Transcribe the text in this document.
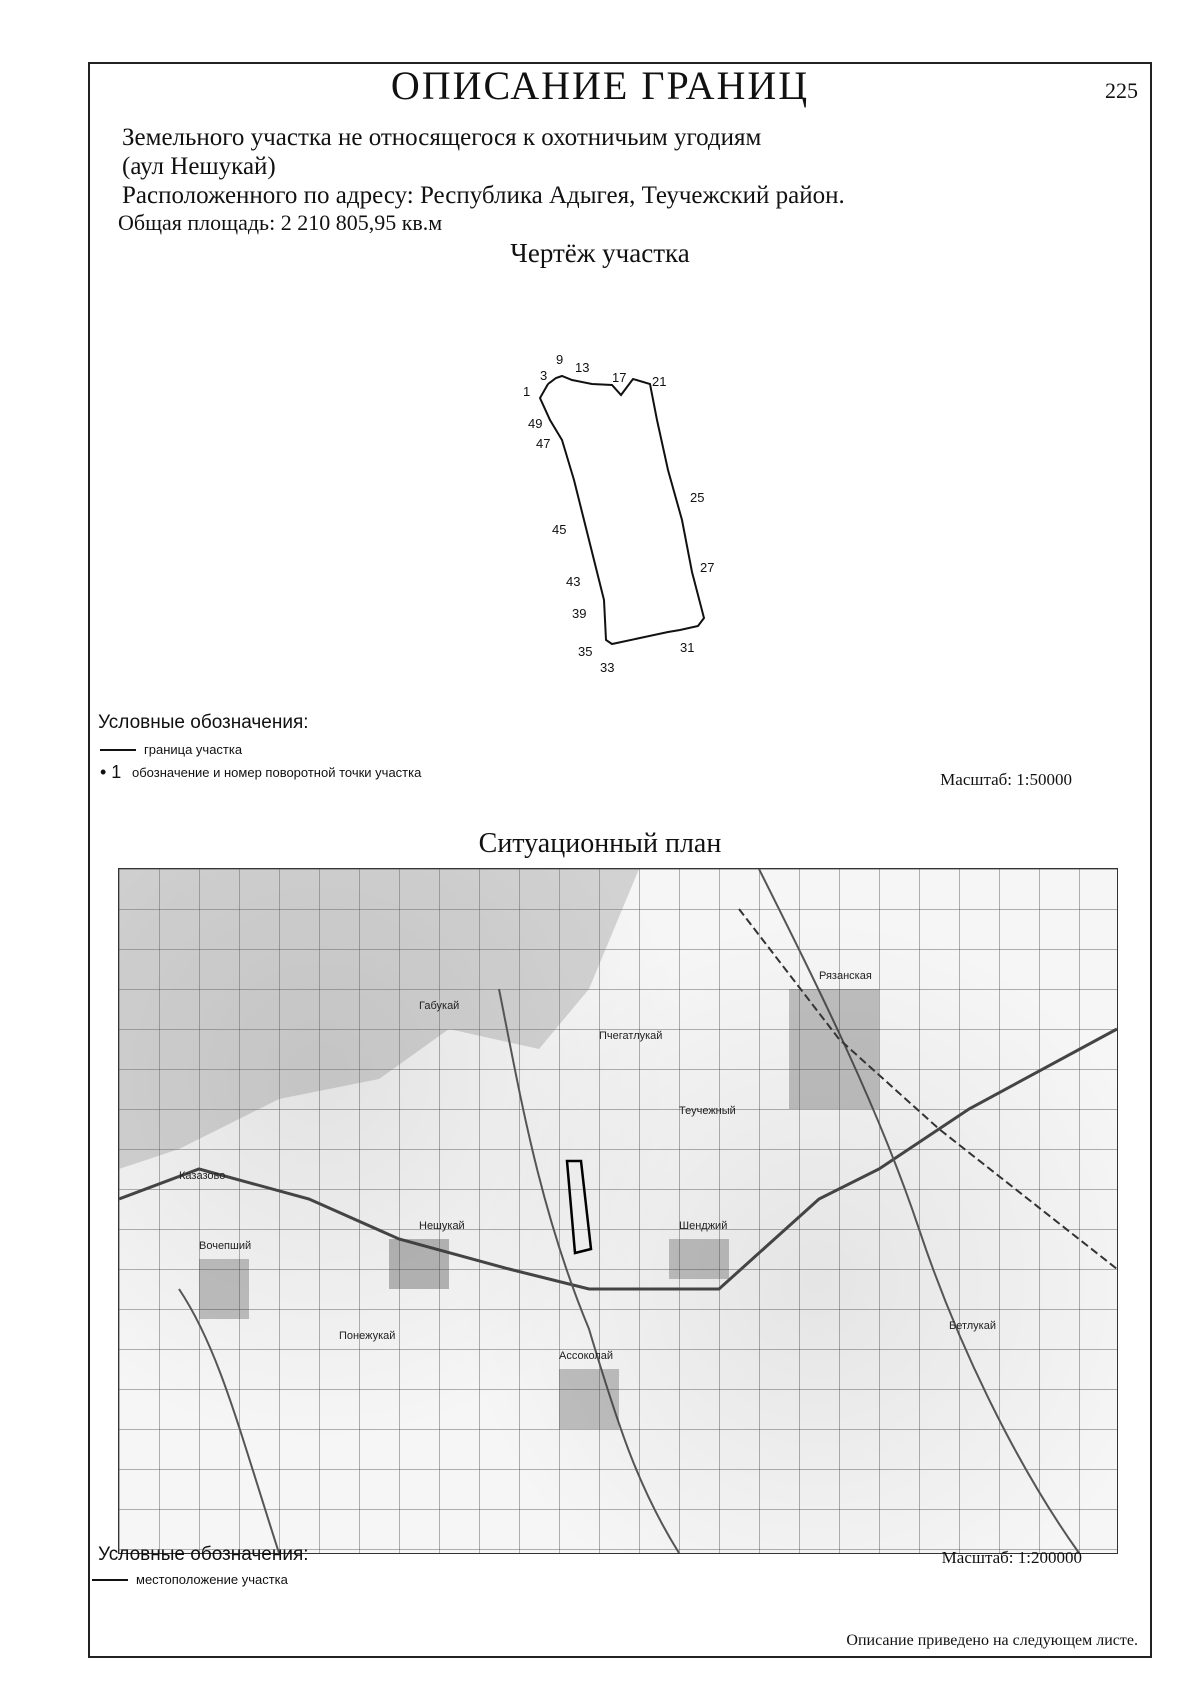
ОПИСАНИЕ ГРАНИЦ	225
Земельного участка не относящегося к охотничьим угодиям
(аул Нешукай)
Расположенного по адресу: Республика Адыгея, Теучежский район.
Общая площадь: 2 210 805,95 кв.м
Чертёж участка
9
13
3	17 21
1
49
47
25
45
27
43
39
31
35
33
Условные обозначения:
граница участка
• 1 обозначение и номер поворотной точки участка	Масштаб: 1:50000
Ситуационный план
Теучежный
Нешукай
Рязанская
Пчегатлукай
Шенджий
Ассоколай
Вочепший
Габукай
Казазово
Понежукай
Бетлукай
Условные обозначения:
местоположение участка
Масштаб: 1:200000
Описание приведено на следующем листе.
